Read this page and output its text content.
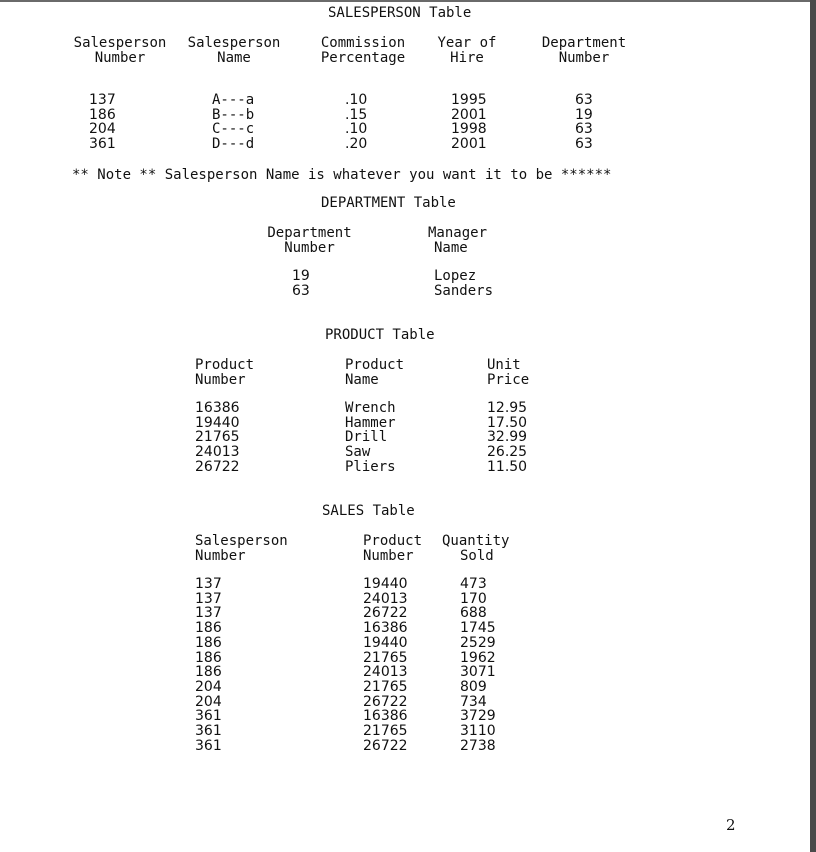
SALESPERSON Table
Salesperson
Number
Salesperson
Name
Commission
Percentage
Year of
Hire
Department
Number
137
186
204
361
A---a
B---b
C---c
D---d
.10
.15
.10
.20
1995
2001
1998
2001
63
19
63
63
** Note ** Salesperson Name is whatever you want it to be ******
DEPARTMENT Table
Department
Number
Manager
Name
19
63
Lopez
Sanders
PRODUCT Table
Product
Number
Product
Name
Unit
Price
16386
19440
21765
24013
26722
Wrench
Hammer
Drill
Saw
Pliers
12.95
17.50
32.99
26.25
11.50
SALES Table
Salesperson
Number
Product
Number
Quantity
Sold
137
137
137
186
186
186
186
204
204
361
361
361
19440
24013
26722
16386
19440
21765
24013
21765
26722
16386
21765
26722
473
170
688
1745
2529
1962
3071
809
734
3729
3110
2738
2
